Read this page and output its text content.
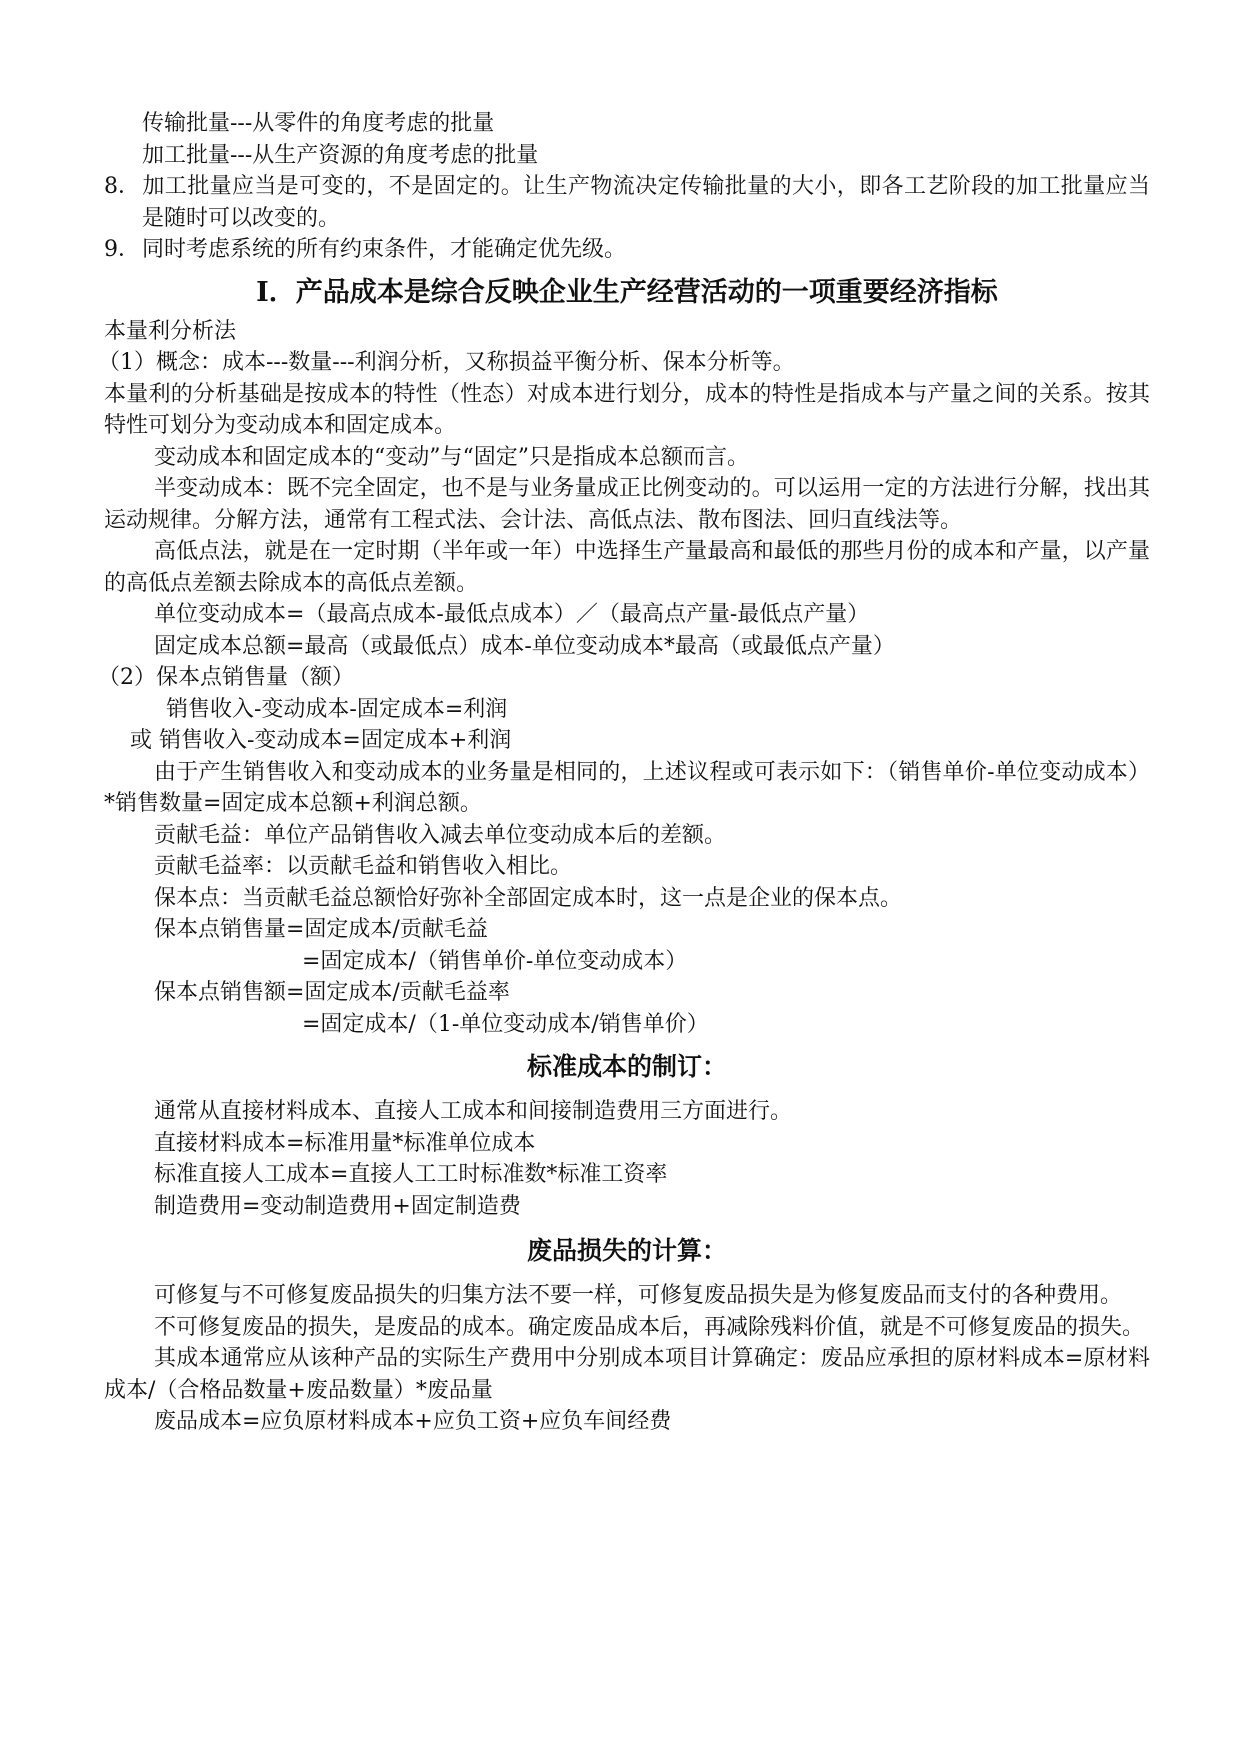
传输批量---从零件的角度考虑的批量

加工批量---从生产资源的角度考虑的批量

8．加工批量应当是可变的，不是固定的。让生产物流决定传输批量的大小，即各工艺阶段的加工批量应当是随时可以改变的。

9．同时考虑系统的所有约束条件，才能确定优先级。

I．产品成本是综合反映企业生产经营活动的一项重要经济指标

本量利分析法

（1）概念：成本---数量---利润分析，又称损益平衡分析、保本分析等。

本量利的分析基础是按成本的特性（性态）对成本进行划分，成本的特性是指成本与产量之间的关系。按其特性可划分为变动成本和固定成本。

变动成本和固定成本的“变动”与“固定”只是指成本总额而言。

半变动成本：既不完全固定，也不是与业务量成正比例变动的。可以运用一定的方法进行分解，找出其运动规律。分解方法，通常有工程式法、会计法、高低点法、散布图法、回归直线法等。

高低点法，就是在一定时期（半年或一年）中选择生产量最高和最低的那些月份的成本和产量，以产量的高低点差额去除成本的高低点差额。

单位变动成本=（最高点成本-最低点成本）／（最高点产量-最低点产量）

固定成本总额=最高（或最低点）成本-单位变动成本*最高（或最低点产量）

（2）保本点销售量（额）

销售收入-变动成本-固定成本=利润

或 销售收入-变动成本=固定成本+利润

由于产生销售收入和变动成本的业务量是相同的，上述议程或可表示如下：（销售单价-单位变动成本）*销售数量=固定成本总额+利润总额。

贡献毛益：单位产品销售收入减去单位变动成本后的差额。

贡献毛益率：以贡献毛益和销售收入相比。

保本点：当贡献毛益总额恰好弥补全部固定成本时，这一点是企业的保本点。

保本点销售量=固定成本/贡献毛益

=固定成本/（销售单价-单位变动成本）

保本点销售额=固定成本/贡献毛益率

=固定成本/（1-单位变动成本/销售单价）

标准成本的制订：

通常从直接材料成本、直接人工成本和间接制造费用三方面进行。

直接材料成本=标准用量*标准单位成本

标准直接人工成本=直接人工工时标准数*标准工资率

制造费用=变动制造费用+固定制造费

废品损失的计算：

可修复与不可修复废品损失的归集方法不要一样，可修复废品损失是为修复废品而支付的各种费用。

不可修复废品的损失，是废品的成本。确定废品成本后，再减除残料价值，就是不可修复废品的损失。

其成本通常应从该种产品的实际生产费用中分别成本项目计算确定：废品应承担的原材料成本=原材料成本/（合格品数量+废品数量）*废品量

废品成本=应负原材料成本+应负工资+应负车间经费
